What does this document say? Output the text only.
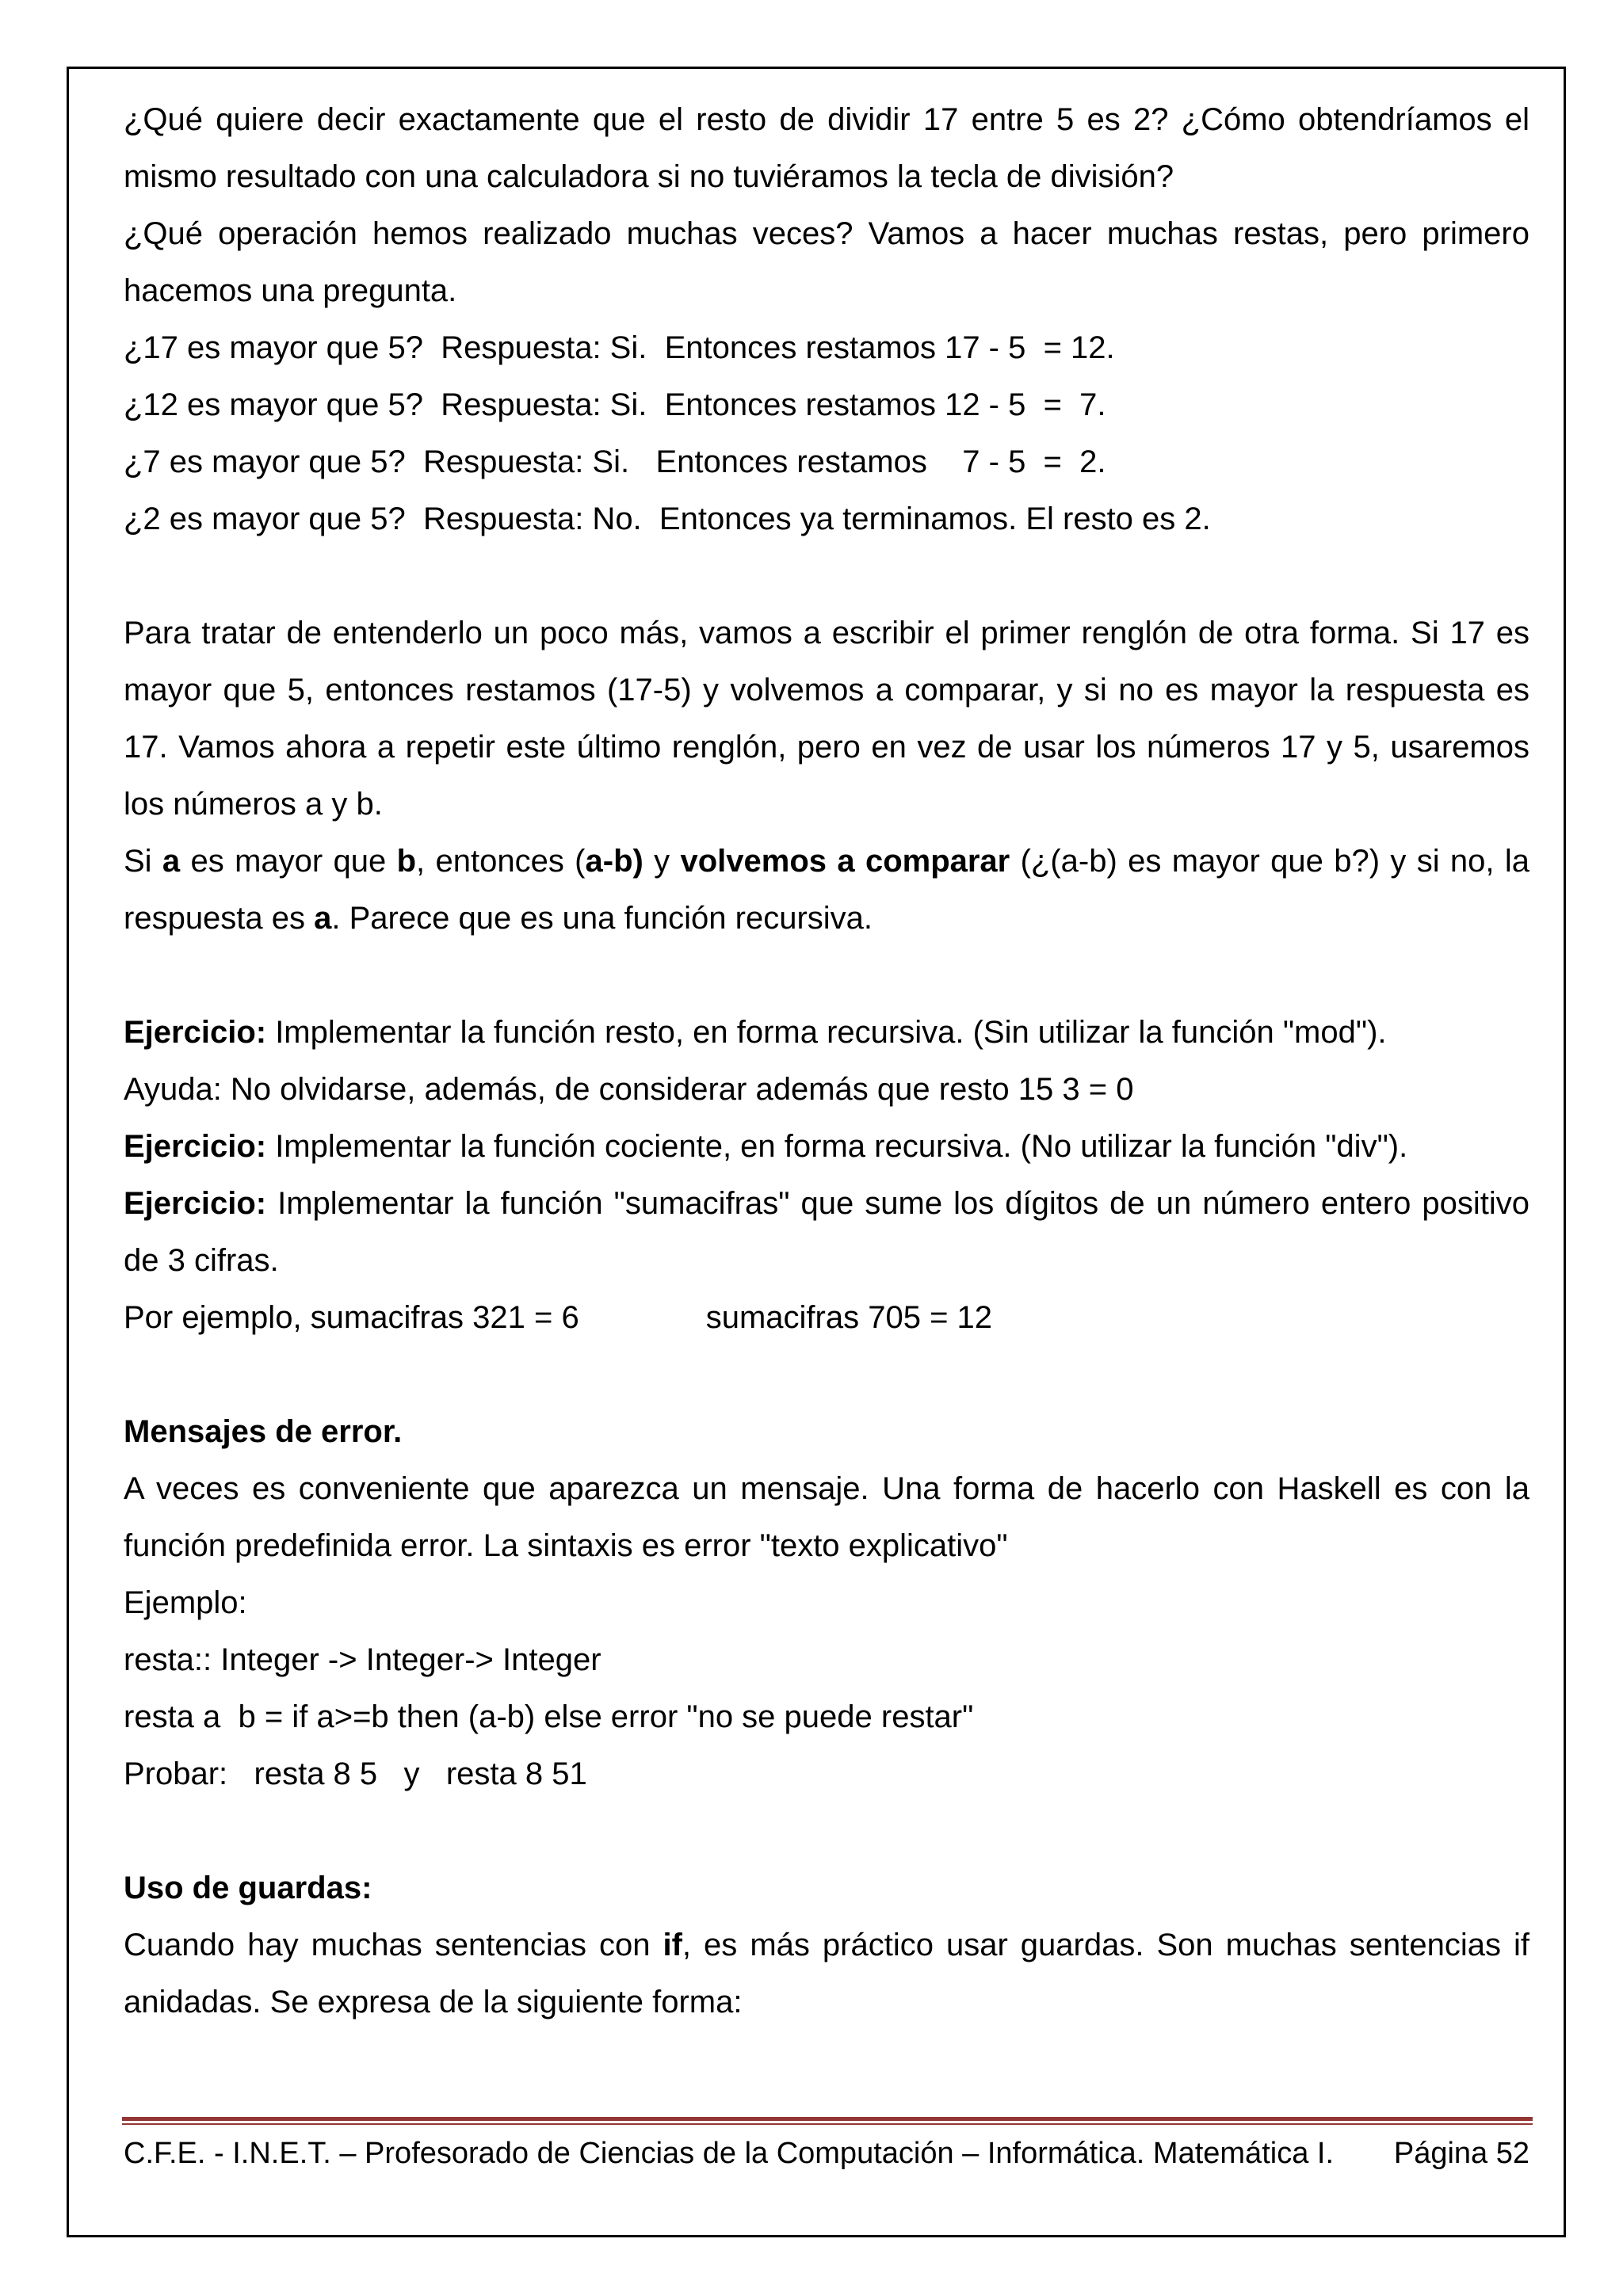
¿Qué quiere decir exactamente que el resto de dividir 17 entre 5 es 2? ¿Cómo obtendríamos el mismo resultado con una calculadora si no tuviéramos la tecla de división?

¿Qué operación hemos realizado muchas veces? Vamos a hacer muchas restas, pero primero hacemos una pregunta.

¿17 es mayor que 5?  Respuesta: Si.  Entonces restamos 17 - 5  = 12.

¿12 es mayor que 5?  Respuesta: Si.  Entonces restamos 12 - 5  =  7.

¿7 es mayor que 5?  Respuesta: Si.   Entonces restamos    7 - 5  =  2.

¿2 es mayor que 5?  Respuesta: No.  Entonces ya terminamos. El resto es 2.

Para tratar de entenderlo un poco más, vamos a escribir el primer renglón de otra forma. Si 17 es mayor que 5, entonces restamos (17-5) y volvemos a comparar, y si no es mayor la respuesta es 17. Vamos ahora a repetir este último renglón, pero en vez de usar los números 17 y 5, usaremos los números a y b.

Si a es mayor que b, entonces (a-b) y volvemos a comparar (¿(a-b) es mayor que b?) y si no, la respuesta es a. Parece que es una función recursiva.

Ejercicio: Implementar la función resto, en forma recursiva. (Sin utilizar la función "mod").

Ayuda: No olvidarse, además, de considerar además que resto 15 3 = 0

Ejercicio: Implementar la función cociente, en forma recursiva. (No utilizar la función "div").

Ejercicio: Implementar la función "sumacifras" que sume los dígitos de un número entero positivo de 3 cifras.

Por ejemplo, sumacifras 321 = 6	sumacifras 705 = 12

Mensajes de error.

A veces es conveniente que aparezca un mensaje. Una forma de hacerlo con Haskell es con la función predefinida error. La sintaxis es error "texto explicativo"

Ejemplo:

resta:: Integer -> Integer-> Integer

resta a  b = if a>=b then (a-b) else error "no se puede restar"

Probar:   resta 8 5   y   resta 8 51

Uso de guardas:

Cuando hay muchas sentencias con if, es más práctico usar guardas. Son muchas sentencias if anidadas. Se expresa de la siguiente forma:

C.F.E. - I.N.E.T. – Profesorado de Ciencias de la Computación – Informática. Matemática I. Página 52
